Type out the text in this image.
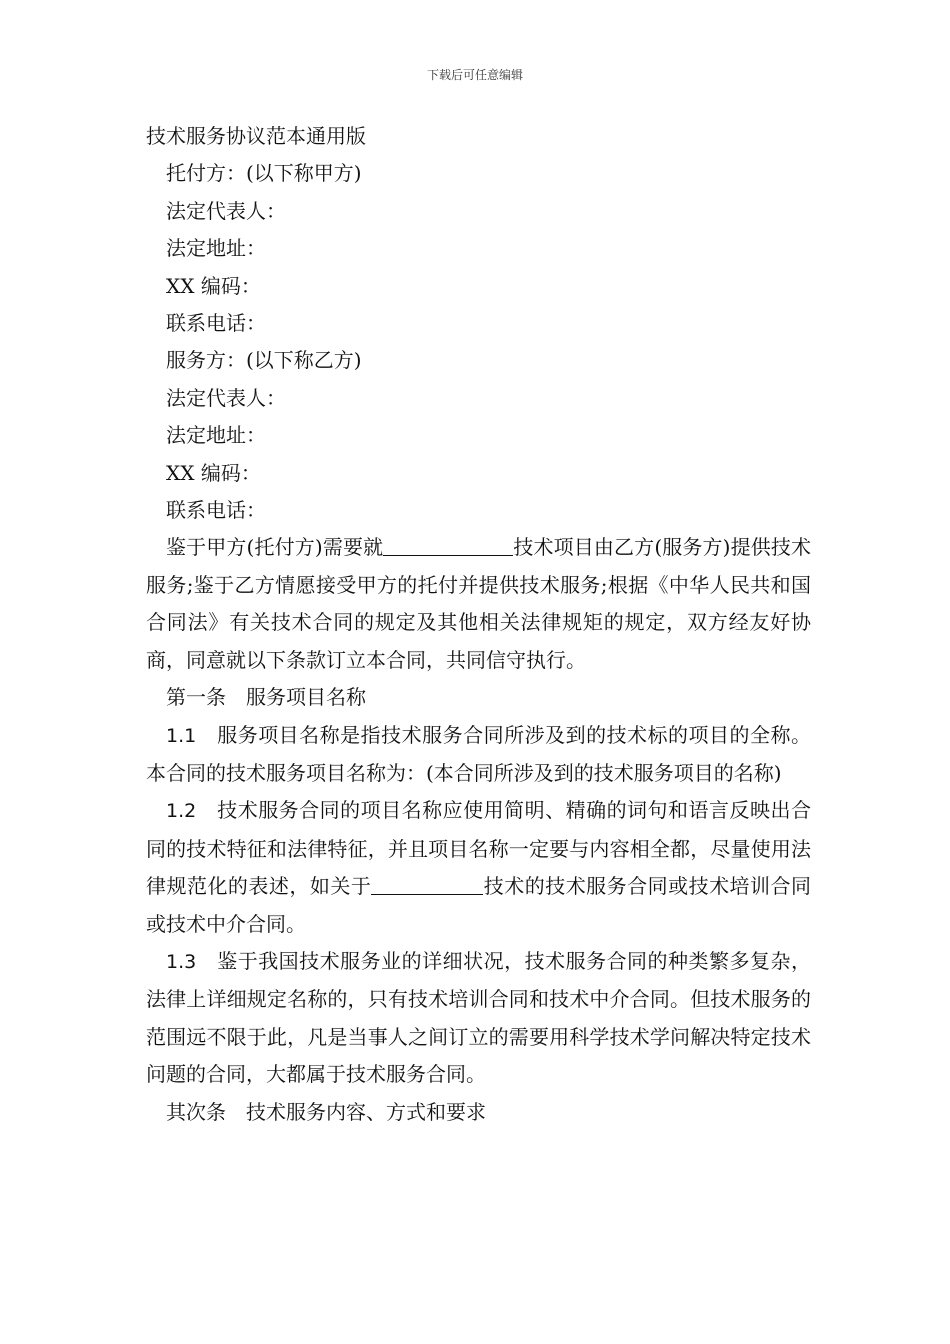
下载后可任意编辑
技术服务协议范本通用版

托付方：(以下称甲方)

法定代表人：

法定地址：

XX 编码：

联系电话：

服务方：(以下称乙方)

法定代表人：

法定地址：

XX 编码：

联系电话：

鉴于甲方(托付方)需要就	技术项目由乙方(服务方)提供技术服务;鉴于乙方情愿接受甲方的托付并提供技术服务;根据《中华人民共和国合同法》有关技术合同的规定及其他相关法律规矩的规定，双方经友好协商，同意就以下条款订立本合同，共同信守执行。

第一条　服务项目名称

1.1　服务项目名称是指技术服务合同所涉及到的技术标的项目的全称。本合同的技术服务项目名称为：(本合同所涉及到的技术服务项目的名称)

1.2　技术服务合同的项目名称应使用简明、精确的词句和语言反映出合同的技术特征和法律特征，并且项目名称一定要与内容相全都，尽量使用法律规范化的表述，如关于	技术的技术服务合同或技术培训合同或技术中介合同。

1.3　鉴于我国技术服务业的详细状况，技术服务合同的种类繁多复杂，法律上详细规定名称的，只有技术培训合同和技术中介合同。但技术服务的范围远不限于此，凡是当事人之间订立的需要用科学技术学问解决特定技术问题的合同，大都属于技术服务合同。

其次条　技术服务内容、方式和要求
